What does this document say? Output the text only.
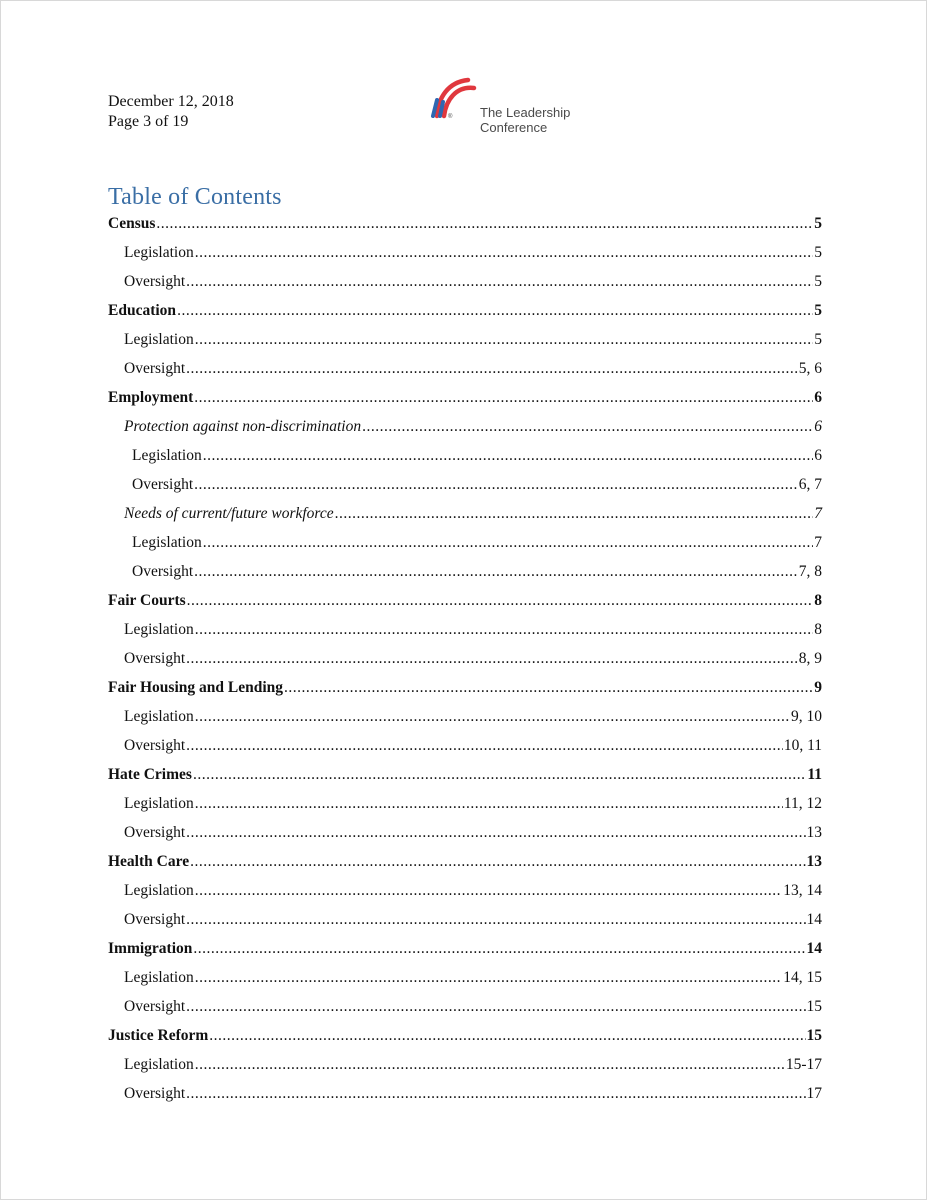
December 12, 2018
Page 3 of 19	® The Leadership
Conference
Table of Contents
Census .....	5
Legislation .....	5
Oversight .....	5
Education .....	5
Legislation .....	5
Oversight .....	5, 6
Employment .....	6
Protection against non-discrimination .....	6
Legislation .....	6
Oversight .....	6, 7
Needs of current/future workforce .....	7
Legislation .....	7
Oversight .....	7, 8
Fair Courts .....	8
Legislation .....	8
Oversight .....	8, 9
Fair Housing and Lending .....	9
Legislation .....	9, 10
Oversight .....	10, 11
Hate Crimes .....	11
Legislation .....	11, 12
Oversight .....	13
Health Care .....	13
Legislation .....	13, 14
Oversight .....	14
Immigration .....	14
Legislation .....	14, 15
Oversight .....	15
Justice Reform .....	15
Legislation .....	15-17
Oversight .....	17
